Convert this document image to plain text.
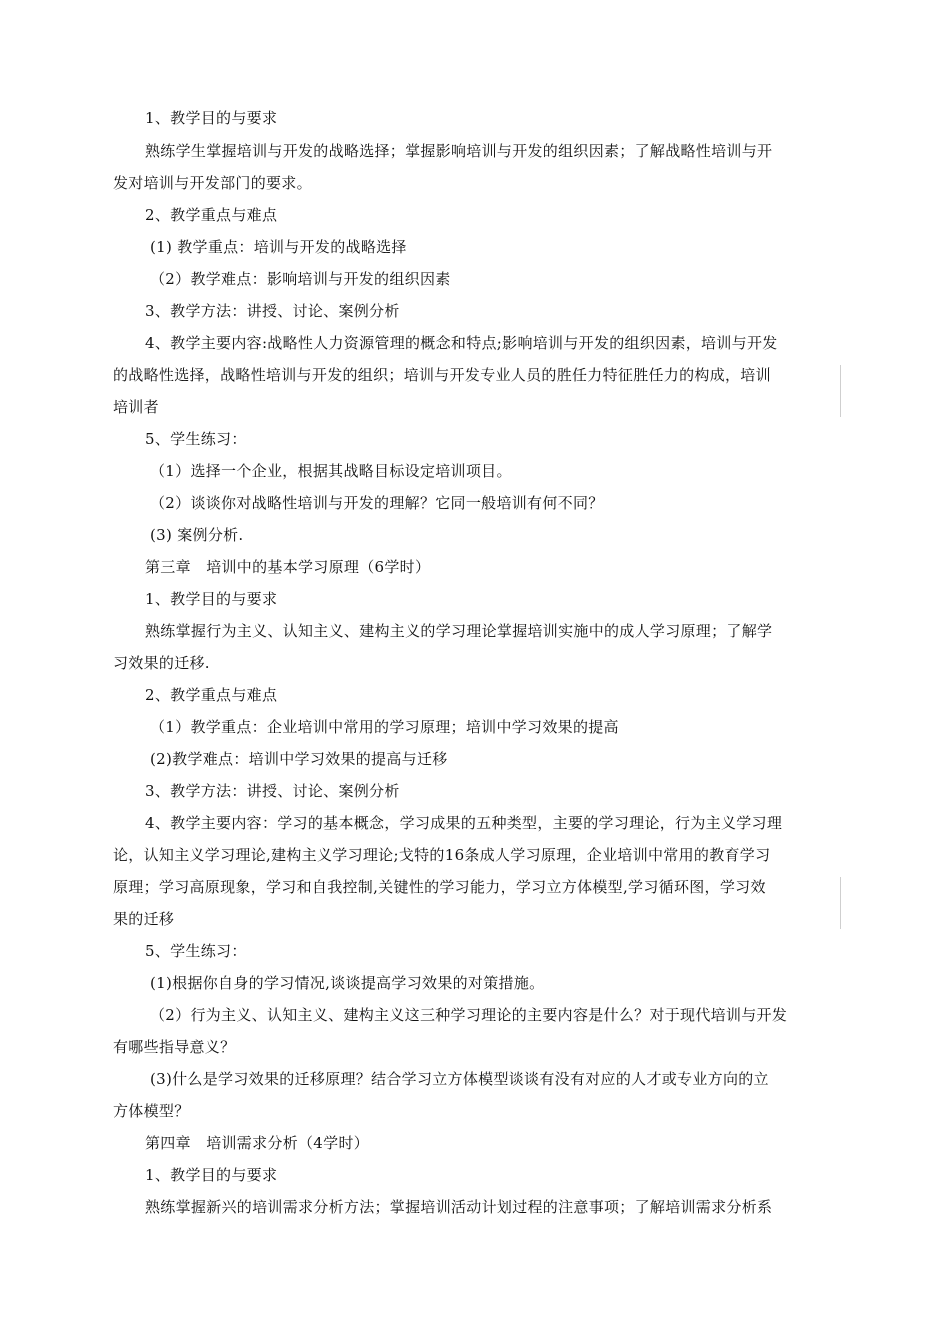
1、教学目的与要求
熟练学生掌握培训与开发的战略选择；掌握影响培训与开发的组织因素；了解战略性培训与开
发对培训与开发部门的要求。
2、教学重点与难点
(1) 教学重点：培训与开发的战略选择
（2）教学难点：影响培训与开发的组织因素
3、教学方法：讲授、讨论、案例分析
4、教学主要内容:战略性人力资源管理的概念和特点;影响培训与开发的组织因素，培训与开发
的战略性选择，战略性培训与开发的组织；培训与开发专业人员的胜任力特征胜任力的构成，培训
培训者
5、学生练习：
（1）选择一个企业，根据其战略目标设定培训项目。
（2）谈谈你对战略性培训与开发的理解？它同一般培训有何不同？
(3) 案例分析.
第三章　培训中的基本学习原理（6学时）
1、教学目的与要求
熟练掌握行为主义、认知主义、建构主义的学习理论掌握培训实施中的成人学习原理；了解学
习效果的迁移.
2、教学重点与难点
（1）教学重点：企业培训中常用的学习原理；培训中学习效果的提高
(2)教学难点：培训中学习效果的提高与迁移
3、教学方法：讲授、讨论、案例分析
4、教学主要内容：学习的基本概念，学习成果的五种类型，主要的学习理论，行为主义学习理
论，认知主义学习理论,建构主义学习理论;戈特的16条成人学习原理，企业培训中常用的教育学习
原理；学习高原现象，学习和自我控制,关键性的学习能力，学习立方体模型,学习循环图，学习效
果的迁移
5、学生练习：
(1)根据你自身的学习情况,谈谈提高学习效果的对策措施。
（2）行为主义、认知主义、建构主义这三种学习理论的主要内容是什么？对于现代培训与开发
有哪些指导意义？
(3)什么是学习效果的迁移原理？结合学习立方体模型谈谈有没有对应的人才或专业方向的立
方体模型？
第四章　培训需求分析（4学时）
1、教学目的与要求
熟练掌握新兴的培训需求分析方法；掌握培训活动计划过程的注意事项；了解培训需求分析系
